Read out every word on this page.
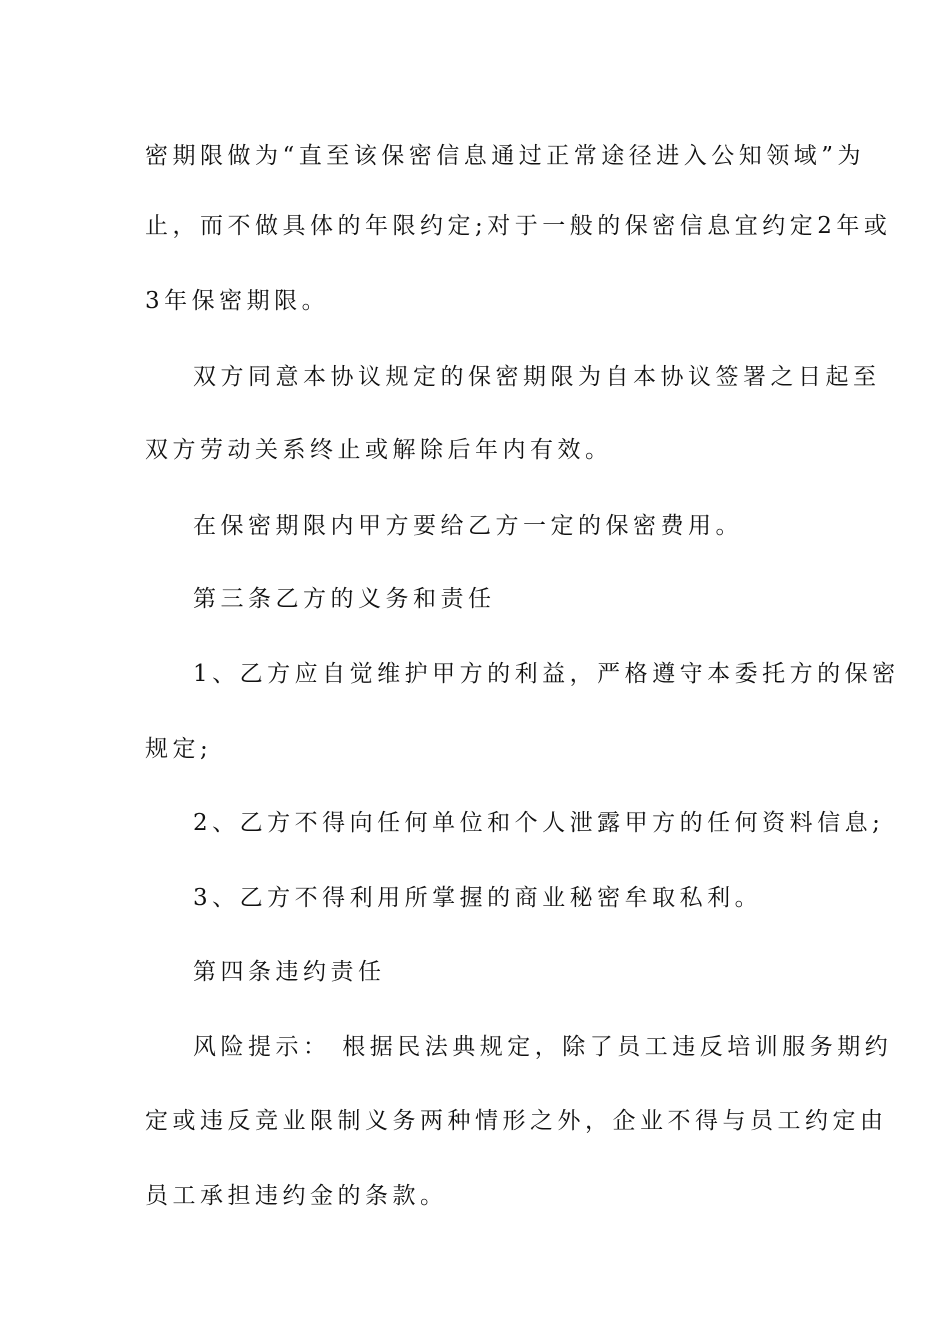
密期限做为“直至该保密信息通过正常途径进入公知领域”为
止，而不做具体的年限约定;对于一般的保密信息宜约定2年或
3年保密期限。
双方同意本协议规定的保密期限为自本协议签署之日起至
双方劳动关系终止或解除后年内有效。
在保密期限内甲方要给乙方一定的保密费用。
第三条乙方的义务和责任
1、乙方应自觉维护甲方的利益，严格遵守本委托方的保密
规定;
2、乙方不得向任何单位和个人泄露甲方的任何资料信息;
3、乙方不得利用所掌握的商业秘密牟取私利。
第四条违约责任
风险提示： 根据民法典规定，除了员工违反培训服务期约
定或违反竞业限制义务两种情形之外，企业不得与员工约定由
员工承担违约金的条款。
